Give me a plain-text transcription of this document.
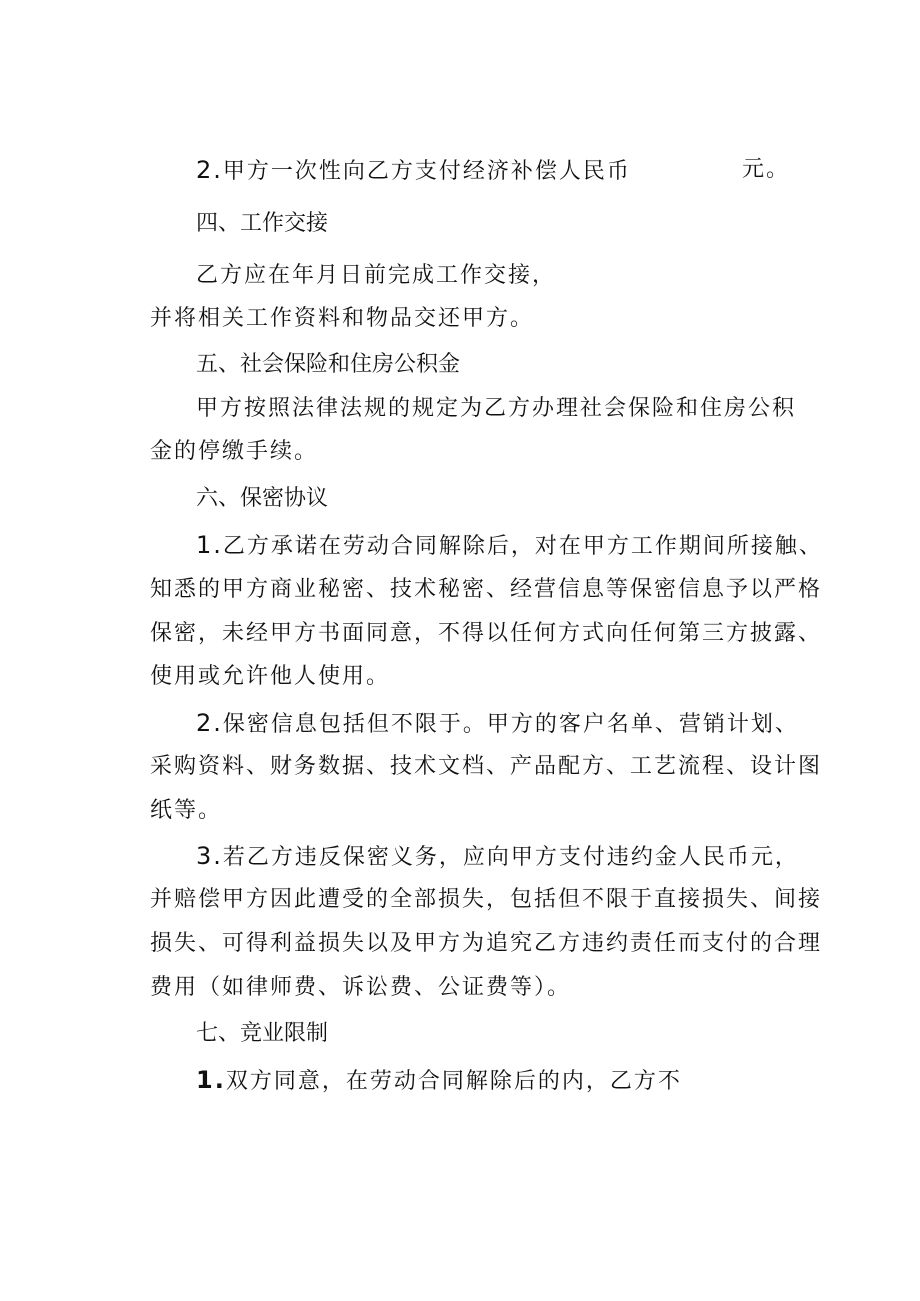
2.甲方一次性向乙方支付经济补偿人民币	元。
四、工作交接
乙方应在年月日前完成工作交接，
并将相关工作资料和物品交还甲方。
五、社会保险和住房公积金
甲方按照法律法规的规定为乙方办理社会保险和住房公积
金的停缴手续。
六、保密协议
1.乙方承诺在劳动合同解除后，对在甲方工作期间所接触、
知悉的甲方商业秘密、技术秘密、经营信息等保密信息予以严格
保密，未经甲方书面同意，不得以任何方式向任何第三方披露、
使用或允许他人使用。
2.保密信息包括但不限于。甲方的客户名单、营销计划、
采购资料、财务数据、技术文档、产品配方、工艺流程、设计图
纸等。
3.若乙方违反保密义务，应向甲方支付违约金人民币元，
并赔偿甲方因此遭受的全部损失，包括但不限于直接损失、间接
损失、可得利益损失以及甲方为追究乙方违约责任而支付的合理
费用（如律师费、诉讼费、公证费等）。
七、竞业限制
1.双方同意，在劳动合同解除后的内，乙方不
